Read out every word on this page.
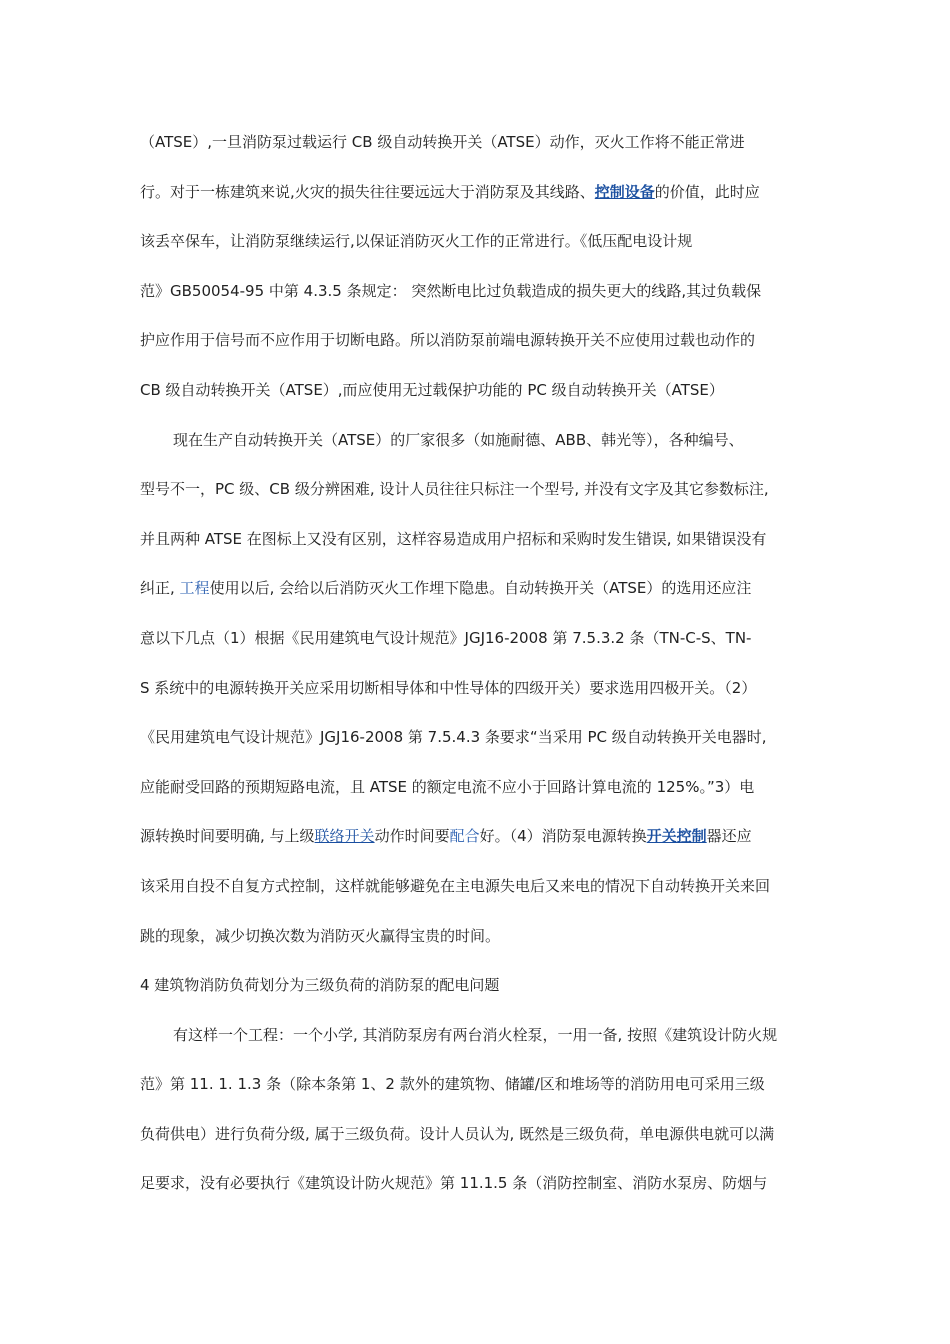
（ATSE）,一旦消防泵过载运行 CB 级自动转换开关（ATSE）动作，灭火工作将不能正常进
行。对于一栋建筑来说,火灾的损失往往要远远大于消防泵及其线路、控制设备的价值，此时应
该丢卒保车，让消防泵继续运行,以保证消防灭火工作的正常进行。《低压配电设计规
范》GB50054-95 中第 4.3.5 条规定： 突然断电比过负载造成的损失更大的线路,其过负载保
护应作用于信号而不应作用于切断电路。所以消防泵前端电源转换开关不应使用过载也动作的
CB 级自动转换开关（ATSE）,而应使用无过载保护功能的 PC 级自动转换开关（ATSE）
现在生产自动转换开关（ATSE）的厂家很多（如施耐德、ABB、韩光等），各种编号、
型号不一，PC 级、CB 级分辨困难, 设计人员往往只标注一个型号, 并没有文字及其它参数标注,
并且两种 ATSE 在图标上又没有区别，这样容易造成用户招标和采购时发生错误, 如果错误没有
纠正, 工程使用以后, 会给以后消防灭火工作埋下隐患。自动转换开关（ATSE）的选用还应注
意以下几点（1）根据《民用建筑电气设计规范》JGJ16-2008 第 7.5.3.2 条（TN-C-S、TN-
S 系统中的电源转换开关应采用切断相导体和中性导体的四级开关）要求选用四极开关。（2）
《民用建筑电气设计规范》JGJ16-2008 第 7.5.4.3 条要求“当采用 PC 级自动转换开关电器时,
应能耐受回路的预期短路电流，且 ATSE 的额定电流不应小于回路计算电流的 125%。”3）电
源转换时间要明确, 与上级联络开关动作时间要配合好。（4）消防泵电源转换开关控制器还应
该采用自投不自复方式控制，这样就能够避免在主电源失电后又来电的情况下自动转换开关来回
跳的现象，减少切换次数为消防灭火赢得宝贵的时间。
4 建筑物消防负荷划分为三级负荷的消防泵的配电问题
有这样一个工程：一个小学, 其消防泵房有两台消火栓泵，一用一备, 按照《建筑设计防火规
范》第 11. 1. 1.3 条（除本条第 1、2 款外的建筑物、储罐/区和堆场等的消防用电可采用三级
负荷供电）进行负荷分级, 属于三级负荷。设计人员认为, 既然是三级负荷，单电源供电就可以满
足要求，没有必要执行《建筑设计防火规范》第 11.1.5 条（消防控制室、消防水泵房、防烟与
